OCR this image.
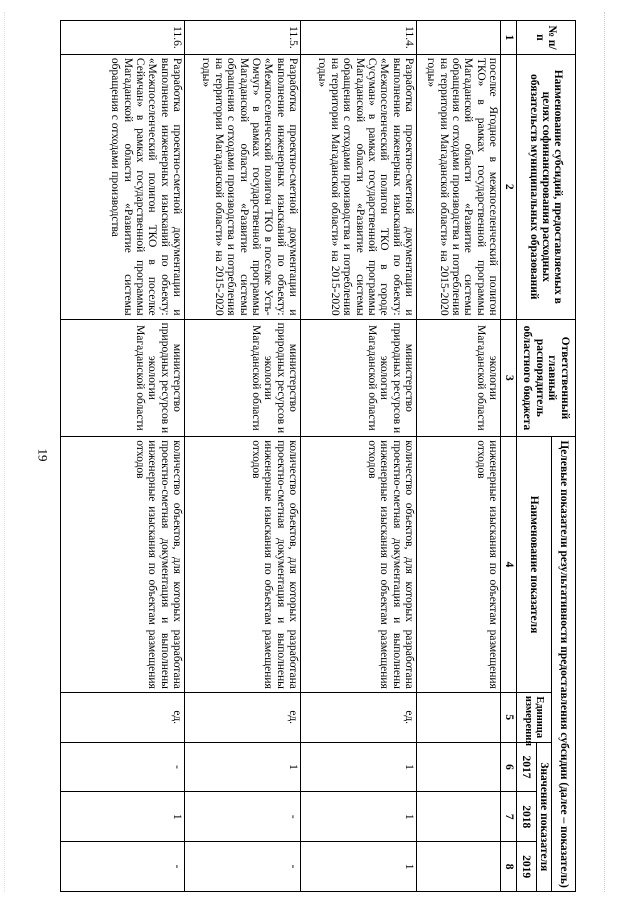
19
№ п/п	Наименование субсидий, предоставляемых в целях софинансирования расходных обязательств муниципальных образований	Ответственный главный распорядитель областного бюджета	Целевые показатели результативности предоставления субсидии (далее – показатель)				
			Наименование показателя	Единица измерения	Значение показателя		
					2017	2018	2019
1	2	3	4	5	6	7	8
	поселке Ягодное в межпоселенческий полигон ТКО» в рамках государственной программы Магаданской области «Развитие системы обращения с отходами производства и потребления на территории Магаданской области» на 2015-2020 годы»	экологии Магаданской области	инженерные изыскания по объектам размещения отходов				
11.4.	Разработка проектно-сметной документации и выполнение инженерных изысканий по объекту: «Межпоселенческий полигон ТКО в городе Сусуман» в рамках государственной программы Магаданской области «Развитие системы обращения с отходами производства и потребления на территории Магаданской области» на 2015-2020 годы»	министерство природных ресурсов и экологии Магаданской области	количество объектов, для которых разработана проектно-сметная документация и выполнены инженерные изыскания по объектам размещения отходов	ед.	1	1	1
11.5.	Разработка проектно-сметной документации и выполнение инженерных изысканий по объекту: «Межпоселенческий полигон ТКО в поселке Усть-Омчуг» в рамках государственной программы Магаданской области «Развитие системы обращения с отходами производства и потребления на территории Магаданской области» на 2015-2020 годы»	министерство природных ресурсов и экологии Магаданской области	количество объектов, для которых разработана проектно-сметная документация и выполнены инженерные изыскания по объектам размещения отходов	ед.	1	-	-
11.6.	Разработка проектно-сметной документации и выполнение инженерных изысканий по объекту: «Межпоселенческий полигон ТКО в поселке Сеймчан» в рамках государственной программы Магаданской области «Развитие системы обращения с отходами производства	министерство природных ресурсов и экологии Магаданской области	количество объектов, для которых разработана проектно-сметная документация и выполнены инженерные изыскания по объектам размещения отходов	ед.	-	1	-
